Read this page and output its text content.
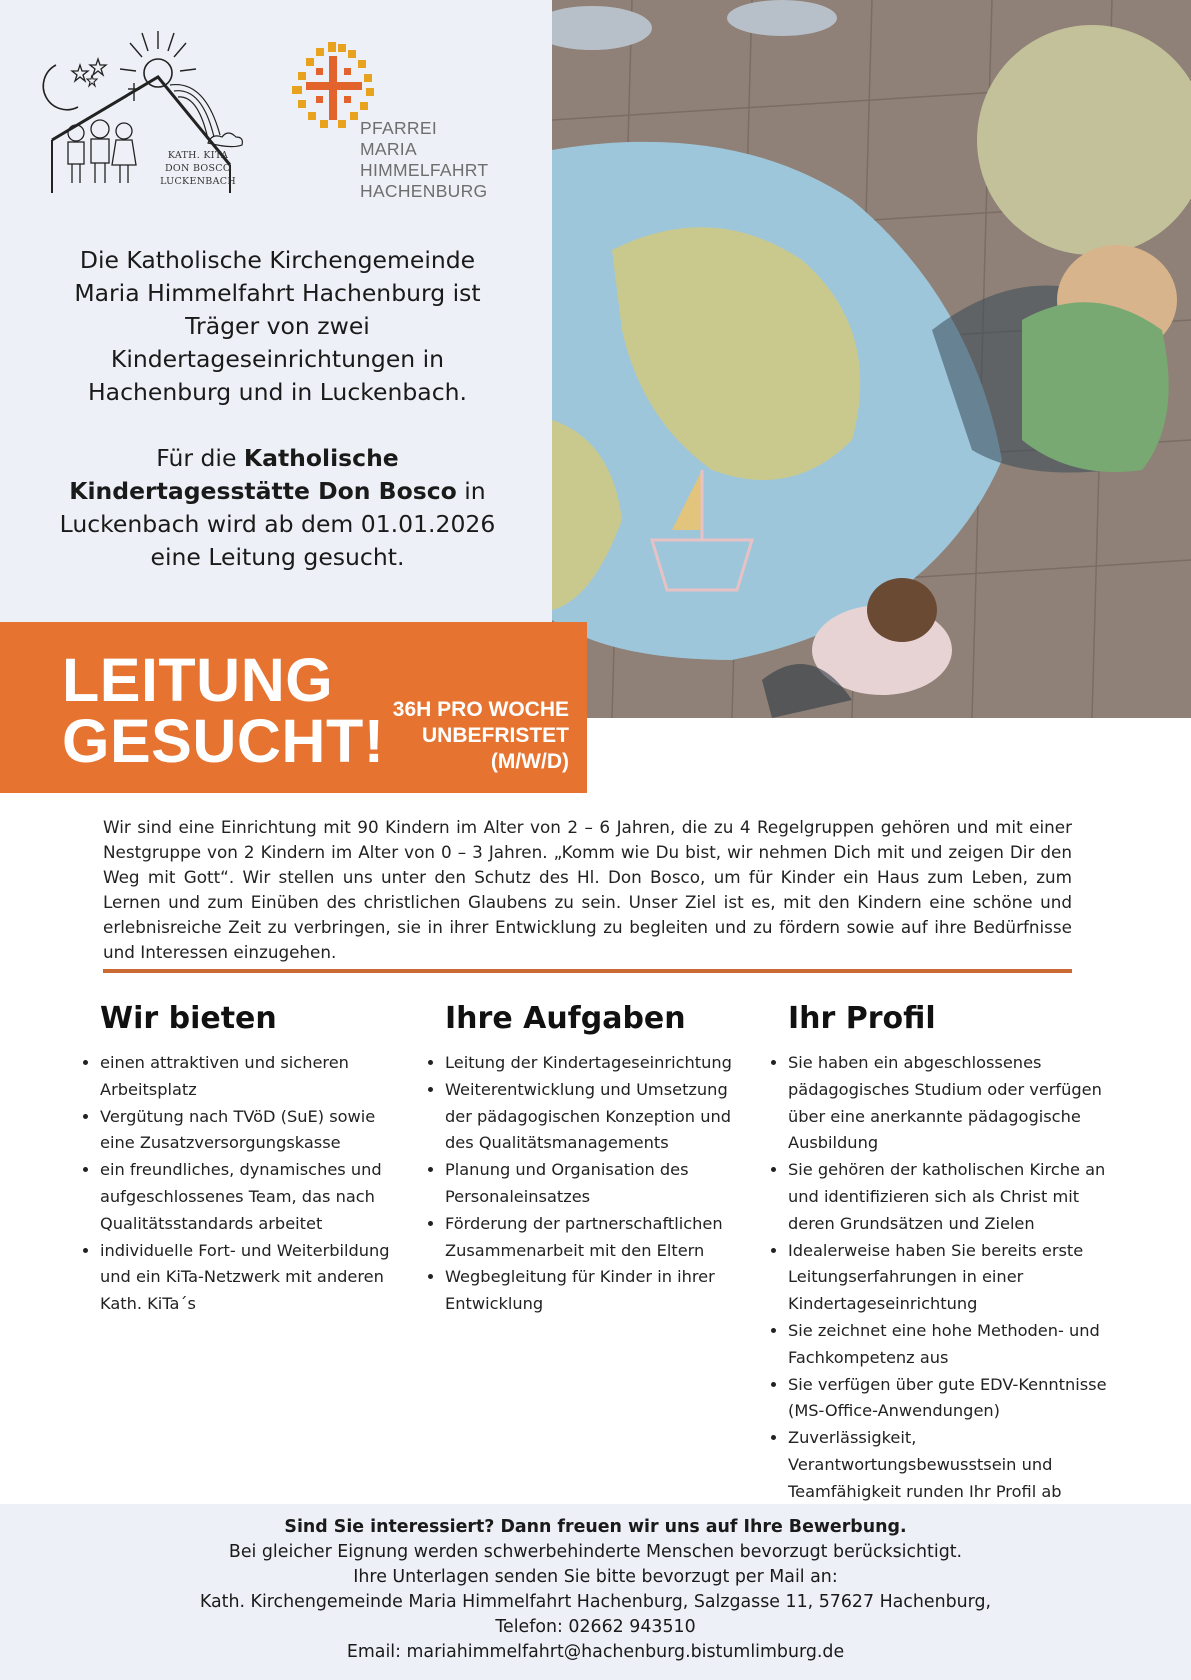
KATH. KITA
DON BOSCO
LUCKENBACH
PFARREI
MARIA HIMMELFAHRT
HACHENBURG

Die Katholische Kirchengemeinde Maria Himmelfahrt Hachenburg ist Träger von zwei Kindertageseinrichtungen in Hachenburg und in Luckenbach.

Für die Katholische Kindertagesstätte Don Bosco in Luckenbach wird ab dem 01.01.2026 eine Leitung gesucht.

LEITUNG
GESUCHT! 36H PRO WOCHE
UNBEFRISTET
(M/W/D)

Wir sind eine Einrichtung mit 90 Kindern im Alter von 2 – 6 Jahren, die zu 4 Regelgruppen gehören und mit einer Nestgruppe von 2 Kindern im Alter von 0 – 3 Jahren. „Komm wie Du bist, wir nehmen Dich mit und zeigen Dir den Weg mit Gott“. Wir stellen uns unter den Schutz des Hl. Don Bosco, um für Kinder ein Haus zum Leben, zum Lernen und zum Einüben des christlichen Glaubens zu sein. Unser Ziel ist es, mit den Kindern eine schöne und erlebnisreiche Zeit zu verbringen, sie in ihrer Entwicklung zu begleiten und zu fördern sowie auf ihre Bedürfnisse und Interessen einzugehen.

Wir bieten
• einen attraktiven und sicheren Arbeitsplatz
• Vergütung nach TVöD (SuE) sowie eine Zusatzversorgungskasse
• ein freundliches, dynamisches und aufgeschlossenes Team, das nach Qualitätsstandards arbeitet
• individuelle Fort- und Weiterbildung und ein KiTa-Netzwerk mit anderen Kath. KiTa´s
Ihre Aufgaben
• Leitung der Kindertageseinrichtung
• Weiterentwicklung und Umsetzung der pädagogischen Konzeption und des Qualitätsmanagements
• Planung und Organisation des Personaleinsatzes
• Förderung der partnerschaftlichen Zusammenarbeit mit den Eltern
• Wegbegleitung für Kinder in ihrer Entwicklung
Ihr Profil
• Sie haben ein abgeschlossenes pädagogisches Studium oder verfügen über eine anerkannte pädagogische Ausbildung
• Sie gehören der katholischen Kirche an und identifizieren sich als Christ mit deren Grundsätzen und Zielen
• Idealerweise haben Sie bereits erste Leitungserfahrungen in einer Kindertageseinrichtung
• Sie zeichnet eine hohe Methoden- und Fachkompetenz aus
• Sie verfügen über gute EDV-Kenntnisse (MS-Office-Anwendungen)
• Zuverlässigkeit, Verantwortungsbewusstsein und Teamfähigkeit runden Ihr Profil ab
Sind Sie interessiert? Dann freuen wir uns auf Ihre Bewerbung.
Bei gleicher Eignung werden schwerbehinderte Menschen bevorzugt berücksichtigt.
Ihre Unterlagen senden Sie bitte bevorzugt per Mail an:
Kath. Kirchengemeinde Maria Himmelfahrt Hachenburg, Salzgasse 11, 57627 Hachenburg,
Telefon: 02662 943510
Email: mariahimmelfahrt@hachenburg.bistumlimburg.de
